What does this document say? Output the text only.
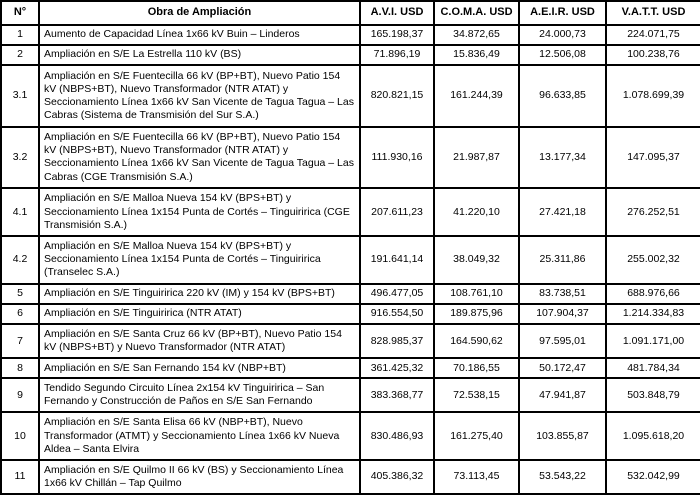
N°	Obra de Ampliación	A.V.I. USD	C.O.M.A. USD	A.E.I.R. USD	V.A.T.T. USD
1	Aumento de Capacidad Línea 1x66 kV Buin – Linderos	165.198,37	34.872,65	24.000,73	224.071,75
2	Ampliación en S/E La Estrella 110 kV (BS)	71.896,19	15.836,49	12.506,08	100.238,76
3.1	Ampliación en S/E Fuentecilla 66 kV (BP+BT), Nuevo Patio 154 kV (NBPS+BT), Nuevo Transformador (NTR ATAT) y Seccionamiento Línea 1x66 kV San Vicente de Tagua Tagua – Las Cabras (Sistema de Transmisión del Sur S.A.)	820.821,15	161.244,39	96.633,85	1.078.699,39
3.2	Ampliación en S/E Fuentecilla 66 kV (BP+BT), Nuevo Patio 154 kV (NBPS+BT), Nuevo Transformador (NTR ATAT) y Seccionamiento Línea 1x66 kV San Vicente de Tagua Tagua – Las Cabras (CGE Transmisión S.A.)	111.930,16	21.987,87	13.177,34	147.095,37
4.1	Ampliación en S/E Malloa Nueva 154 kV (BPS+BT) y Seccionamiento Línea 1x154 Punta de Cortés – Tinguiririca (CGE Transmisión S.A.)	207.611,23	41.220,10	27.421,18	276.252,51
4.2	Ampliación en S/E Malloa Nueva 154 kV (BPS+BT) y Seccionamiento Línea 1x154 Punta de Cortés – Tinguiririca (Transelec S.A.)	191.641,14	38.049,32	25.311,86	255.002,32
5	Ampliación en S/E Tinguiririca 220 kV (IM) y 154 kV (BPS+BT)	496.477,05	108.761,10	83.738,51	688.976,66
6	Ampliación en S/E Tinguiririca (NTR ATAT)	916.554,50	189.875,96	107.904,37	1.214.334,83
7	Ampliación en S/E Santa Cruz 66 kV (BP+BT), Nuevo Patio 154 kV (NBPS+BT) y Nuevo Transformador (NTR ATAT)	828.985,37	164.590,62	97.595,01	1.091.171,00
8	Ampliación en S/E San Fernando 154 kV (NBP+BT)	361.425,32	70.186,55	50.172,47	481.784,34
9	Tendido Segundo Circuito Línea 2x154 kV Tinguiririca – San Fernando y Construcción de Paños en S/E San Fernando	383.368,77	72.538,15	47.941,87	503.848,79
10	Ampliación en S/E Santa Elisa 66 kV (NBP+BT), Nuevo Transformador (ATMT) y Seccionamiento Línea 1x66 kV Nueva Aldea – Santa Elvira	830.486,93	161.275,40	103.855,87	1.095.618,20
11	Ampliación en S/E Quilmo II 66 kV (BS) y Seccionamiento Línea 1x66 kV Chillán – Tap Quilmo	405.386,32	73.113,45	53.543,22	532.042,99
